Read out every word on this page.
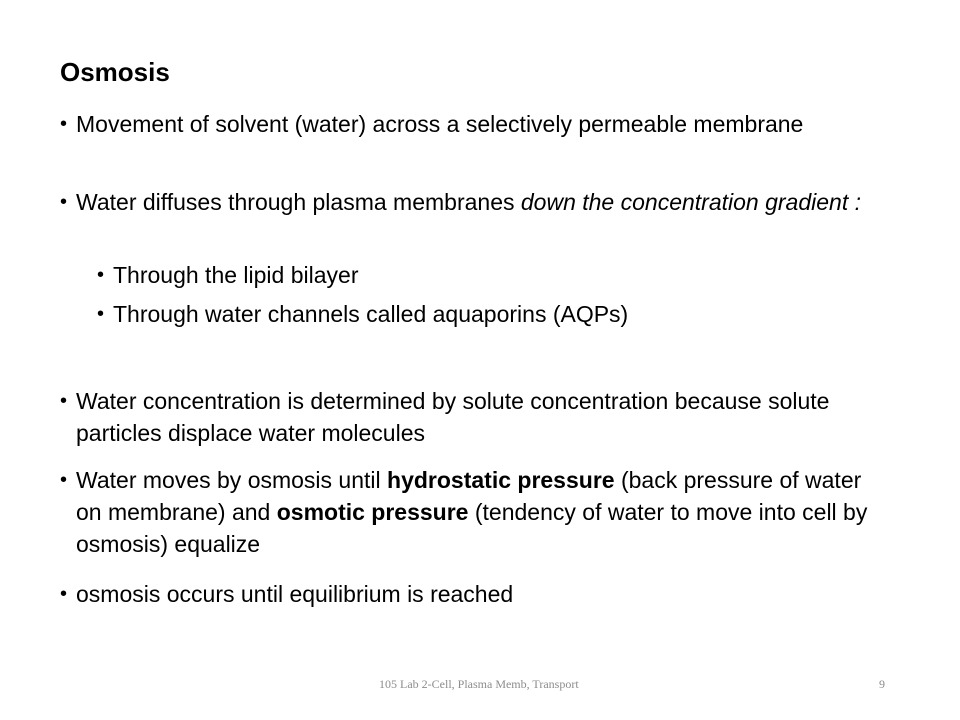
Osmosis
• Movement of solvent (water) across a selectively permeable membrane
• Water diffuses through plasma membranes down the concentration gradient :
• Through the lipid bilayer
• Through water channels called aquaporins (AQPs)
• Water concentration is determined by solute concentration because solute particles displace water molecules
• Water moves by osmosis until hydrostatic pressure (back pressure of water on membrane) and osmotic pressure (tendency of water to move into cell by osmosis) equalize
• osmosis occurs until equilibrium is reached
105 Lab 2-Cell, Plasma Memb, Transport	9
